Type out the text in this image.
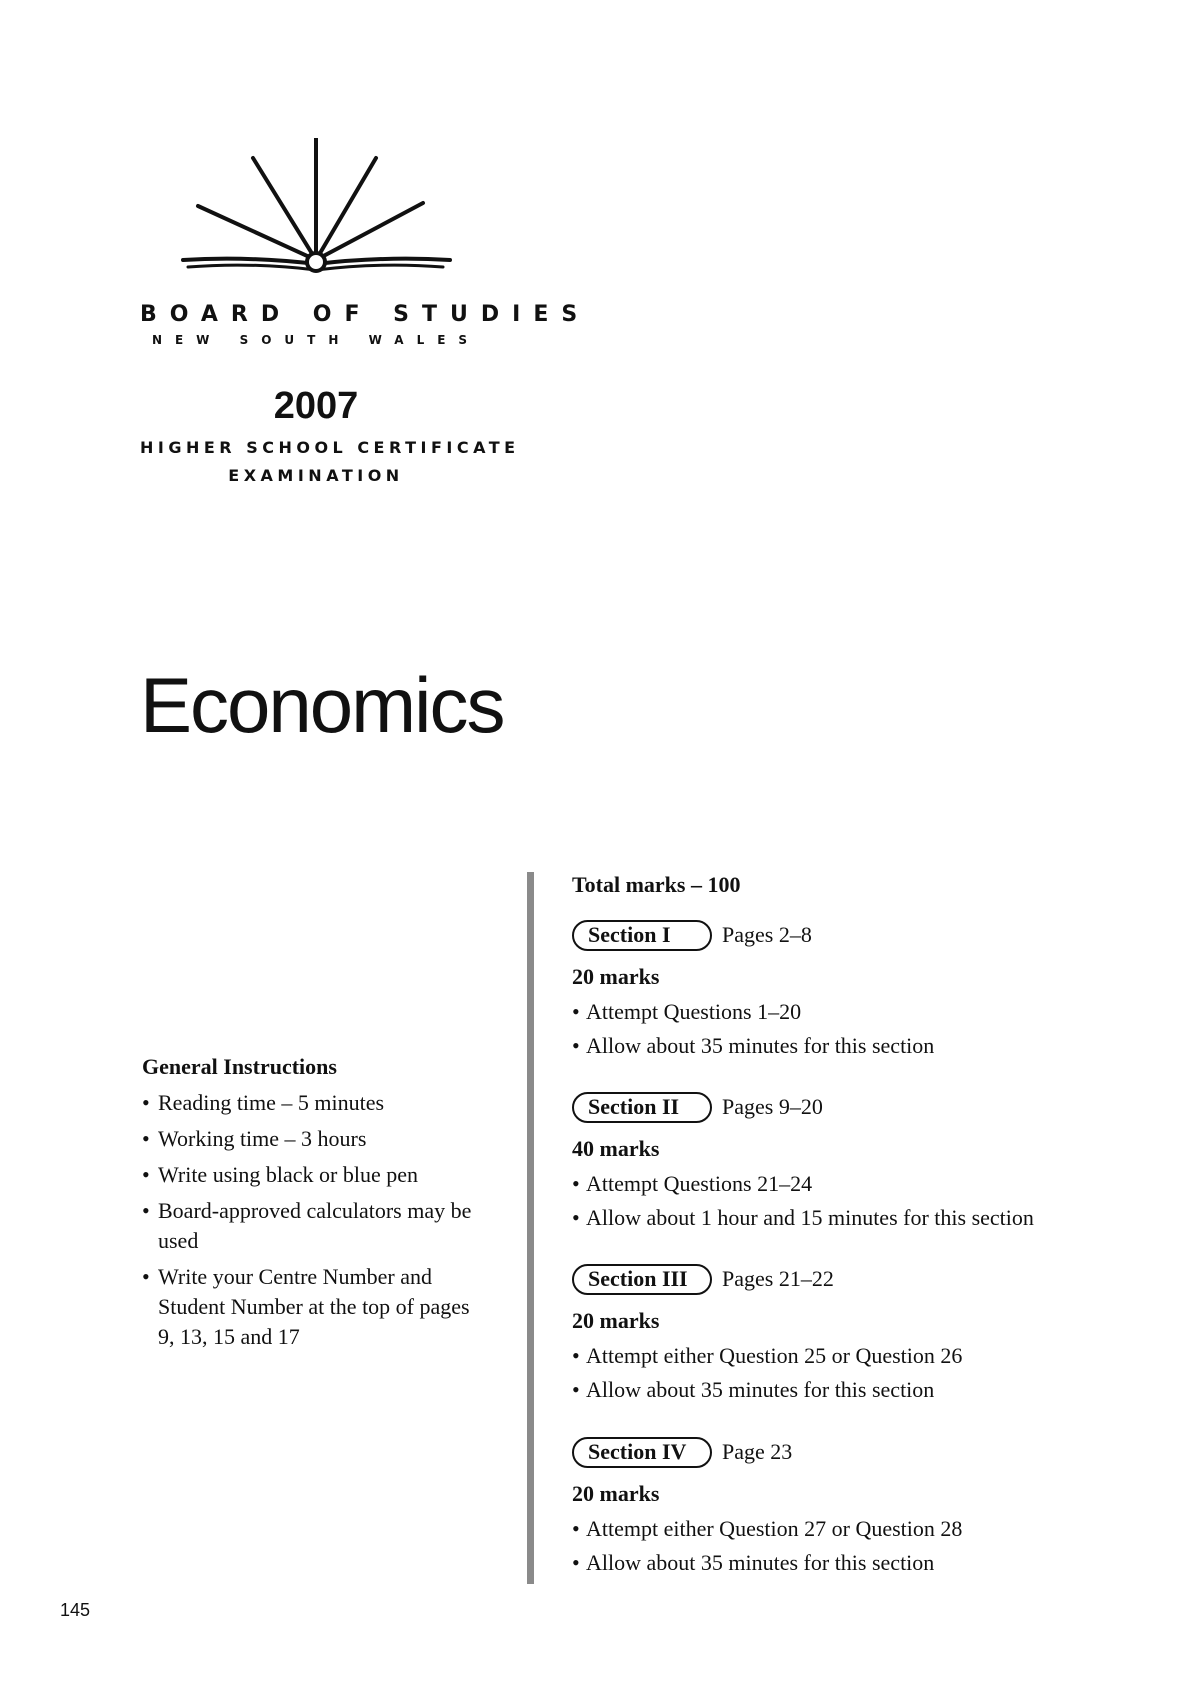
BOARD OF STUDIES
NEW SOUTH WALES
2007
HIGHER SCHOOL CERTIFICATE
EXAMINATION
Economics
General Instructions
• Reading time – 5 minutes
• Working time – 3 hours
• Write using black or blue pen
• Board-approved calculators may be used
• Write your Centre Number and Student Number at the top of pages 9, 13, 15 and 17
Total marks – 100
Section I	Pages 2–8
20 marks
• Attempt Questions 1–20
• Allow about 35 minutes for this section
Section II	Pages 9–20
40 marks
• Attempt Questions 21–24
• Allow about 1 hour and 15 minutes for this section
Section III	Pages 21–22
20 marks
• Attempt either Question 25 or Question 26
• Allow about 35 minutes for this section
Section IV	Page 23
20 marks
• Attempt either Question 27 or Question 28
• Allow about 35 minutes for this section
145
